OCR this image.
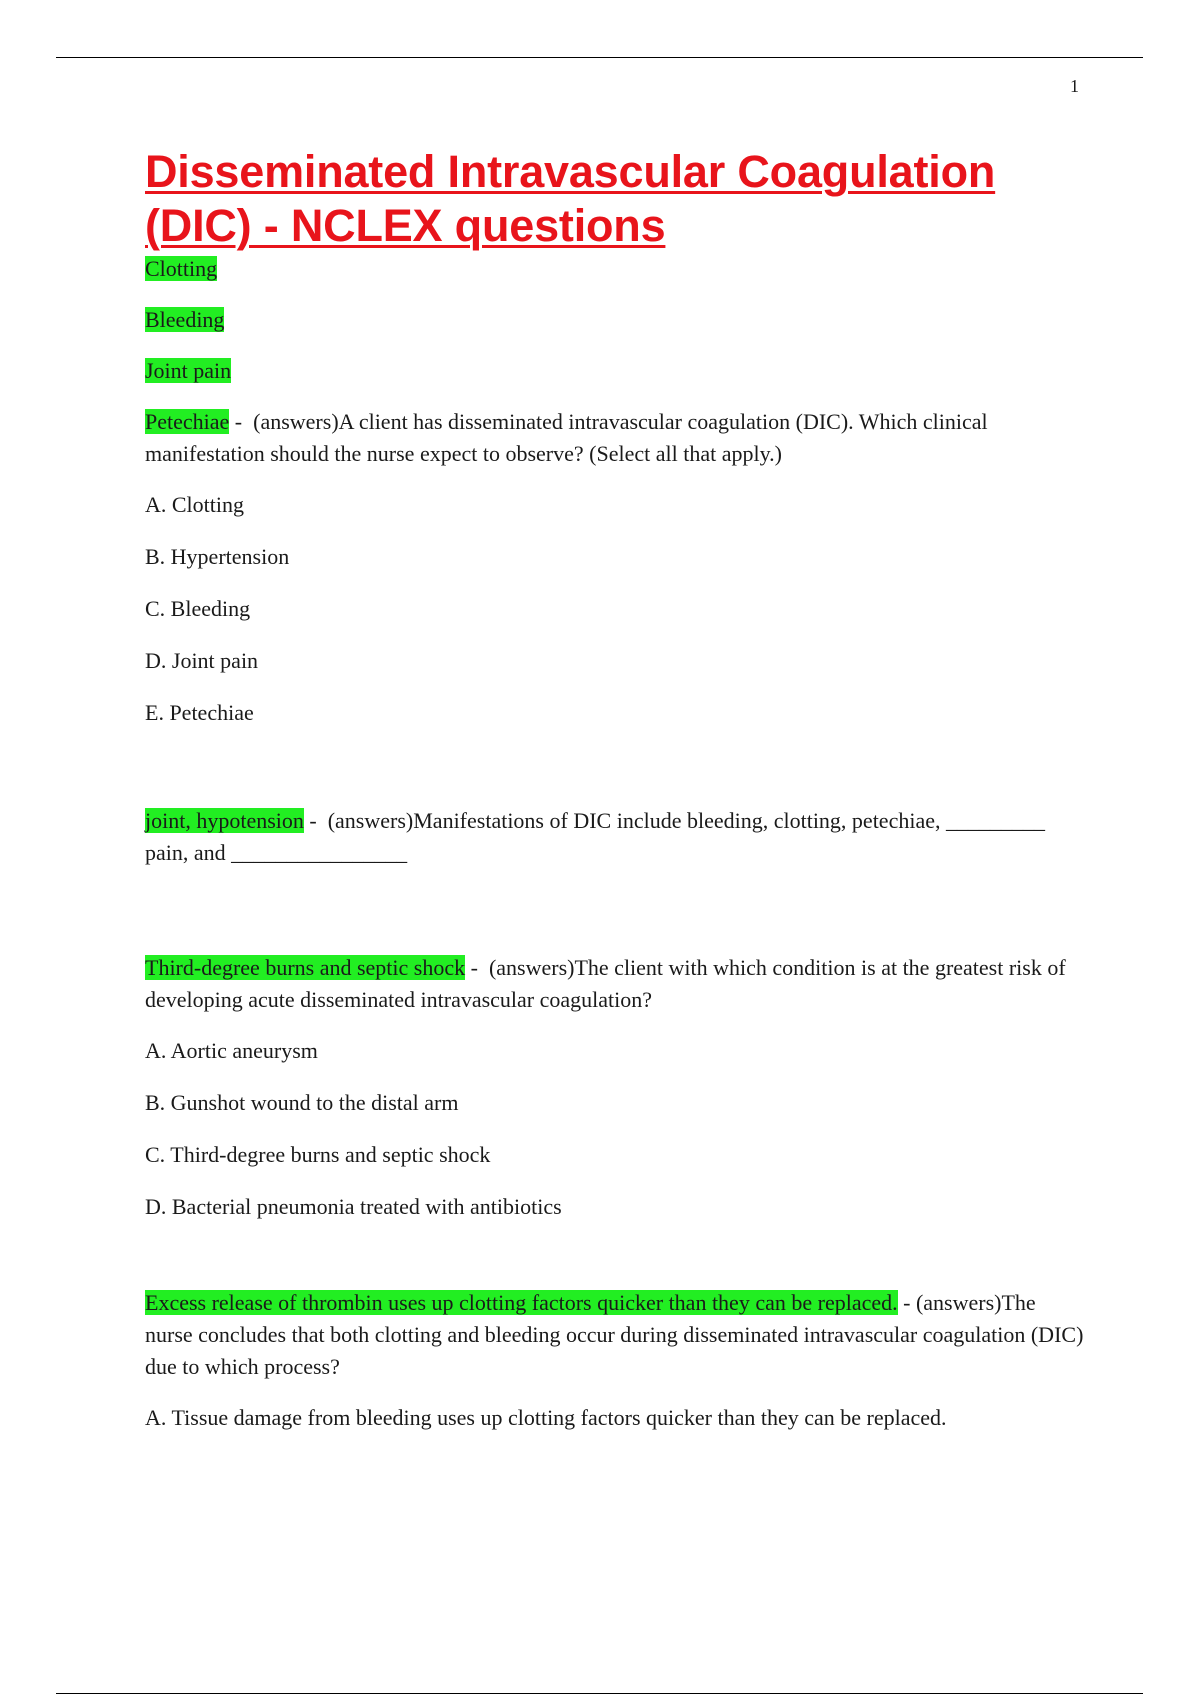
1
Disseminated Intravascular Coagulation (DIC) - NCLEX questions

Clotting

Bleeding

Joint pain

Petechiae -  (answers)A client has disseminated intravascular coagulation (DIC). Which clinical manifestation should the nurse expect to observe? (Select all that apply.)

A. Clotting

B. Hypertension

C. Bleeding

D. Joint pain

E. Petechiae

joint, hypotension -  (answers)Manifestations of DIC include bleeding, clotting, petechiae, _________ pain, and ________________

Third-degree burns and septic shock -  (answers)The client with which condition is at the greatest risk of developing acute disseminated intravascular coagulation?

A. Aortic aneurysm

B. Gunshot wound to the distal arm

C. Third-degree burns and septic shock

D. Bacterial pneumonia treated with antibiotics

Excess release of thrombin uses up clotting factors quicker than they can be replaced. - (answers)The nurse concludes that both clotting and bleeding occur during disseminated intravascular coagulation (DIC) due to which process?

A. Tissue damage from bleeding uses up clotting factors quicker than they can be replaced.
